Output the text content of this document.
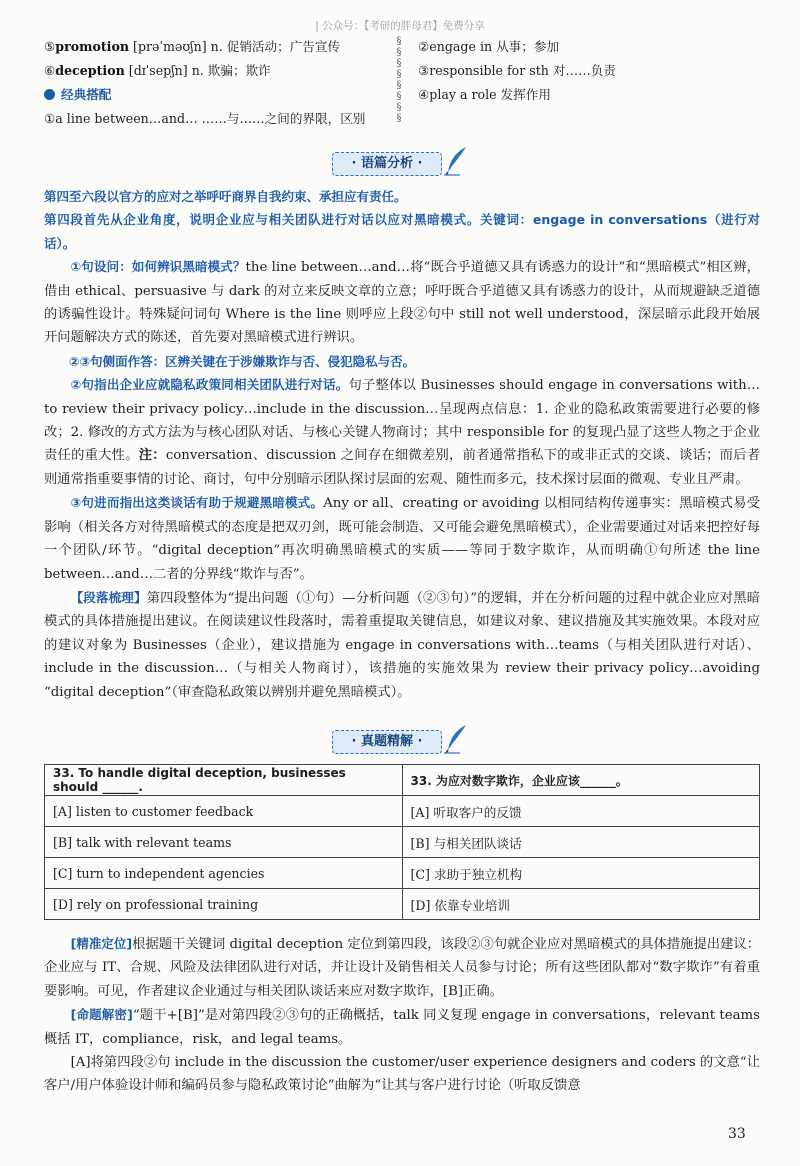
| 公众号：【考研的胖母君】免费分享
⑤promotion [prəˈməʊʃn] n. 促销活动；广告宣传
⑥deception [dɪˈsepʃn] n. 欺骗；欺诈
经典搭配
①a line between…and… ……与……之间的界限，区别
§
§
§
§
§
§
§
§
②engage in 从事；参加
③responsible for sth 对……负责
④play a role 发挥作用
· 语篇分析 ·

第四至六段以官方的应对之举呼吁商界自我约束、承担应有责任。

第四段首先从企业角度，说明企业应与相关团队进行对话以应对黑暗模式。关键词：engage in conversations（进行对话）。

①句设问：如何辨识黑暗模式？the line between…and…将“既合乎道德又具有诱惑力的设计”和“黑暗模式”相区辨，借由 ethical、persuasive 与 dark 的对立来反映文章的立意；呼吁既合乎道德又具有诱惑力的设计，从而规避缺乏道德的诱骗性设计。特殊疑问词句 Where is the line 则呼应上段②句中 still not well understood，深层暗示此段开始展开问题解决方式的陈述，首先要对黑暗模式进行辨识。

②③句侧面作答：区辨关键在于涉嫌欺诈与否、侵犯隐私与否。

②句指出企业应就隐私政策同相关团队进行对话。句子整体以 Businesses should engage in conversations with…to review their privacy policy…include in the discussion…呈现两点信息：1. 企业的隐私政策需要进行必要的修改；2. 修改的方式方法为与核心团队对话、与核心关键人物商讨；其中 responsible for 的复现凸显了这些人物之于企业责任的重大性。注：conversation、discussion 之间存在细微差别，前者通常指私下的或非正式的交谈、谈话；而后者则通常指重要事情的讨论、商讨，句中分别暗示团队探讨层面的宏观、随性而多元，技术探讨层面的微观、专业且严肃。

③句进而指出这类谈话有助于规避黑暗模式。Any or all、creating or avoiding 以相同结构传递事实：黑暗模式易受影响（相关各方对待黑暗模式的态度是把双刃剑，既可能会制造、又可能会避免黑暗模式），企业需要通过对话来把控好每一个团队/环节。“digital deception”再次明确黑暗模式的实质——等同于数字欺诈，从而明确①句所述 the line between…and…二者的分界线“欺诈与否”。

【段落梳理】第四段整体为“提出问题（①句）—分析问题（②③句）”的逻辑，并在分析问题的过程中就企业应对黑暗模式的具体措施提出建议。在阅读建议性段落时，需着重提取关键信息，如建议对象、建议措施及其实施效果。本段对应的建议对象为 Businesses（企业），建议措施为 engage in conversations with…teams（与相关团队进行对话）、include in the discussion…（与相关人物商讨），该措施的实施效果为 review their privacy policy…avoiding “digital deception”（审查隐私政策以辨别并避免黑暗模式）。

· 真题精解 ·
33. To handle digital deception, businesses should ______.	33. 为应对数字欺诈，企业应该______。
[A] listen to customer feedback	[A] 听取客户的反馈
[B] talk with relevant teams	[B] 与相关团队谈话
[C] turn to independent agencies	[C] 求助于独立机构
[D] rely on professional training	[D] 依靠专业培训

[精准定位]根据题干关键词 digital deception 定位到第四段，该段②③句就企业应对黑暗模式的具体措施提出建议：企业应与 IT、合规、风险及法律团队进行对话，并让设计及销售相关人员参与讨论；所有这些团队都对“数字欺诈”有着重要影响。可见，作者建议企业通过与相关团队谈话来应对数字欺诈，[B]正确。

[命题解密]“题干+[B]”是对第四段②③句的正确概括，talk 同义复现 engage in conversations，relevant teams 概括 IT，compliance，risk，and legal teams。

[A]将第四段②句 include in the discussion the customer/user experience designers and coders 的文意“让客户/用户体验设计师和编码员参与隐私政策讨论”曲解为“让其与客户进行讨论（听取反馈意

33
